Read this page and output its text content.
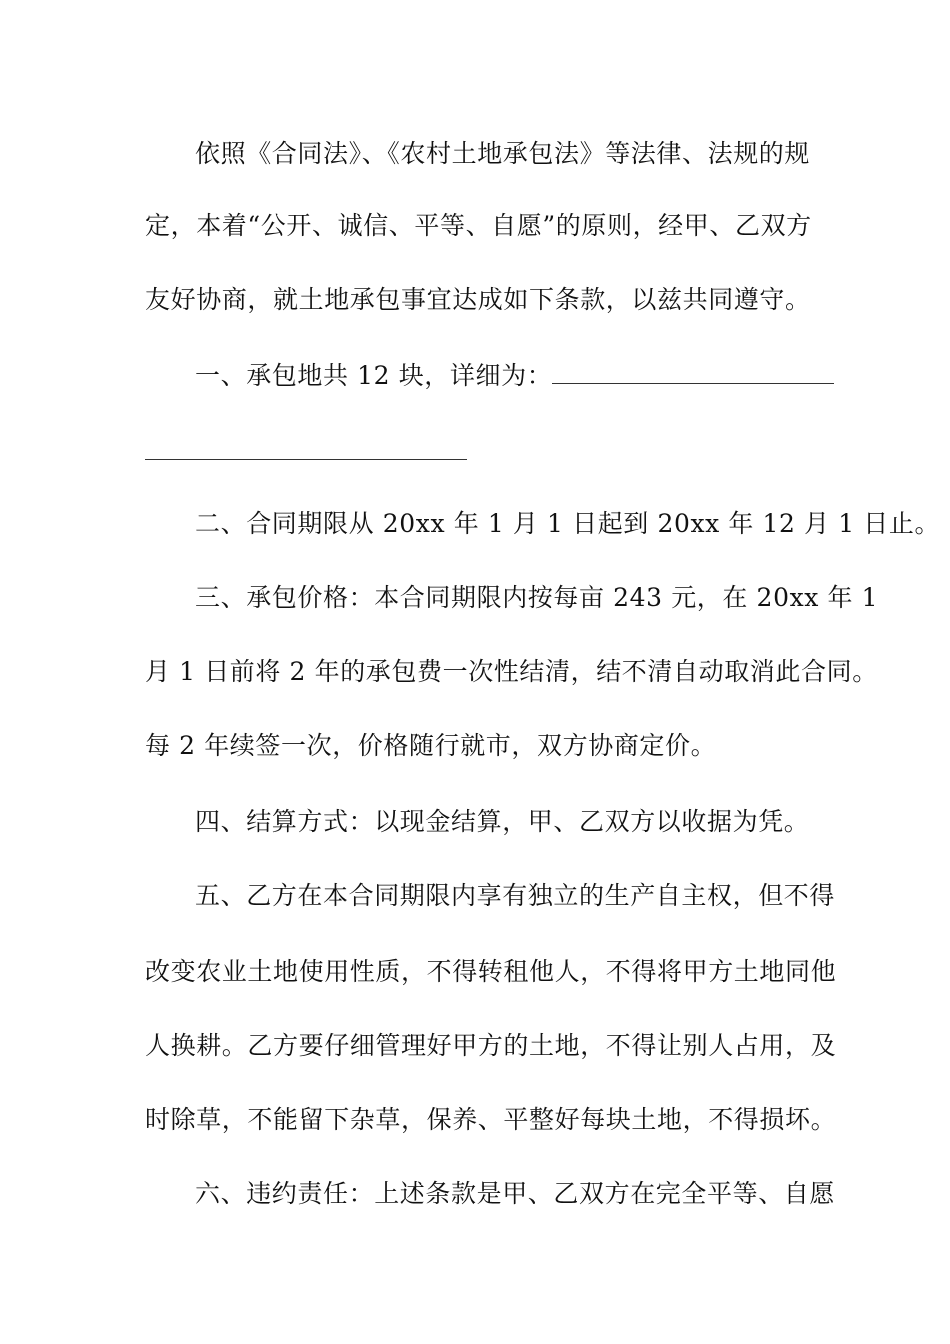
依照《合同法》、《农村土地承包法》等法律、法规的规
定，本着“公开、诚信、平等、自愿”的原则，经甲、乙双方
友好协商，就土地承包事宜达成如下条款，以兹共同遵守。
一、承包地共 12 块，详细为：
二、合同期限从 20xx 年 1 月 1 日起到 20xx 年 12 月 1 日止。
三、承包价格：本合同期限内按每亩 243 元，在 20xx 年 1
月 1 日前将 2 年的承包费一次性结清，结不清自动取消此合同。
每 2 年续签一次，价格随行就市，双方协商定价。
四、结算方式：以现金结算，甲、乙双方以收据为凭。
五、乙方在本合同期限内享有独立的生产自主权，但不得
改变农业土地使用性质，不得转租他人，不得将甲方土地同他
人换耕。乙方要仔细管理好甲方的土地，不得让别人占用，及
时除草，不能留下杂草，保养、平整好每块土地，不得损坏。
六、违约责任：上述条款是甲、乙双方在完全平等、自愿
